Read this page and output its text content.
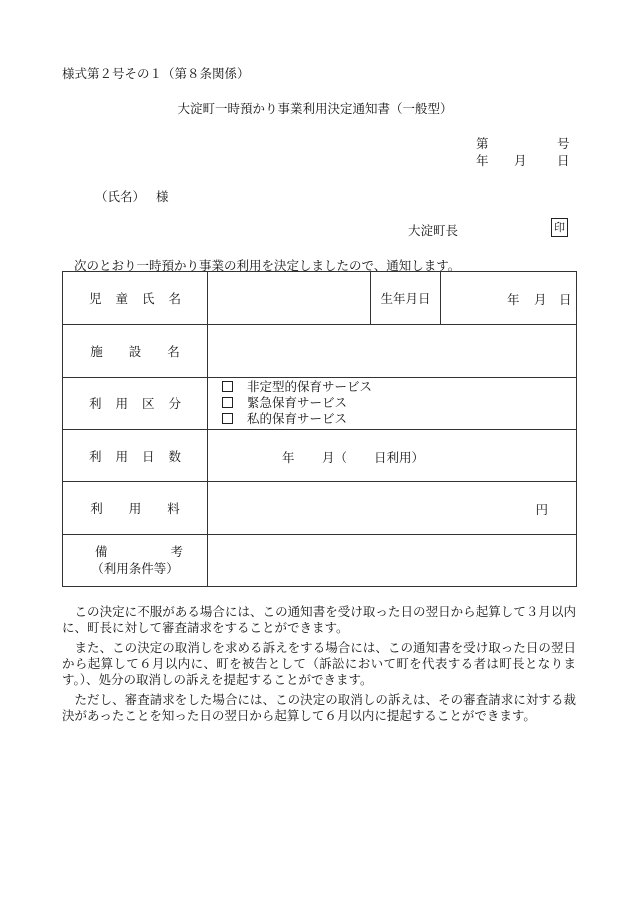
様式第２号その１（第８条関係）
大淀町一時預かり事業利用決定通知書（一般型）
第	号
年 月 日
（氏名） 様
大淀町長	印
次のとおり一時預かり事業の利用を決定しましたので、通知します。
児 童 氏 名		生年月日	年 月 日

施 設 名			
利 用 区 分	非定型的保育サービス
緊急保育サービス
私的保育サービス		

利 用 日 数	年 月（ 日利用）		

利 用 料	円		

備 考
（利用条件等）			

この決定に不服がある場合には、この通知書を受け取った日の翌日から起算して３月以内に、町長に対して審査請求をすることができます。
また、この決定の取消しを求める訴えをする場合には、この通知書を受け取った日の翌日から起算して６月以内に、町を被告として（訴訟において町を代表する者は町長となります。）、処分の取消しの訴えを提起することができます。
ただし、審査請求をした場合には、この決定の取消しの訴えは、その審査請求に対する裁決があったことを知った日の翌日から起算して６月以内に提起することができます。
